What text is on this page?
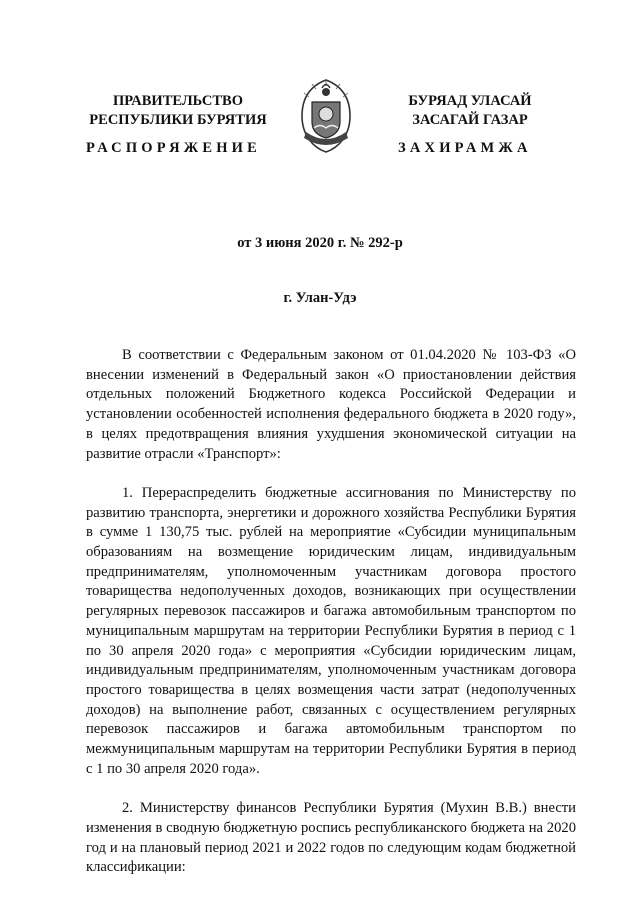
ПРАВИТЕЛЬСТВО
РЕСПУБЛИКИ БУРЯТИЯ
БУРЯАД УЛАСАЙ
ЗАСАГАЙ ГАЗАР
РАСПОРЯЖЕНИЕ	ЗАХИРАМЖА
от 3 июня 2020 г. № 292-р
г. Улан-Удэ

В соответствии с Федеральным законом от 01.04.2020 № 103-ФЗ «О внесении изменений в Федеральный закон «О приостановлении действия отдельных положений Бюджетного кодекса Российской Федерации и установлении особенностей исполнения федерального бюджета в 2020 году», в целях предотвращения влияния ухудшения экономической ситуации на развитие отрасли «Транспорт»:

1. Перераспределить бюджетные ассигнования по Министерству по развитию транспорта, энергетики и дорожного хозяйства Республики Бурятия в сумме 1 130,75 тыс. рублей на мероприятие «Субсидии муниципальным образованиям на возмещение юридическим лицам, индивидуальным предпринимателям, уполномоченным участникам договора простого товарищества недополученных доходов, возникающих при осуществлении регулярных перевозок пассажиров и багажа автомобильным транспортом по муниципальным маршрутам на территории Республики Бурятия в период с 1 по 30 апреля 2020 года» с мероприятия «Субсидии юридическим лицам, индивидуальным предпринимателям, уполномоченным участникам договора простого товарищества в целях возмещения части затрат (недополученных доходов) на выполнение работ, связанных с осуществлением регулярных перевозок пассажиров и багажа автомобильным транспортом по межмуниципальным маршрутам на территории Республики Бурятия в период с 1 по 30 апреля 2020 года».

2. Министерству финансов Республики Бурятия (Мухин В.В.) внести изменения в сводную бюджетную роспись республиканского бюджета на 2020 год и на плановый период 2021 и 2022 годов по следующим кодам бюджетной классификации:
